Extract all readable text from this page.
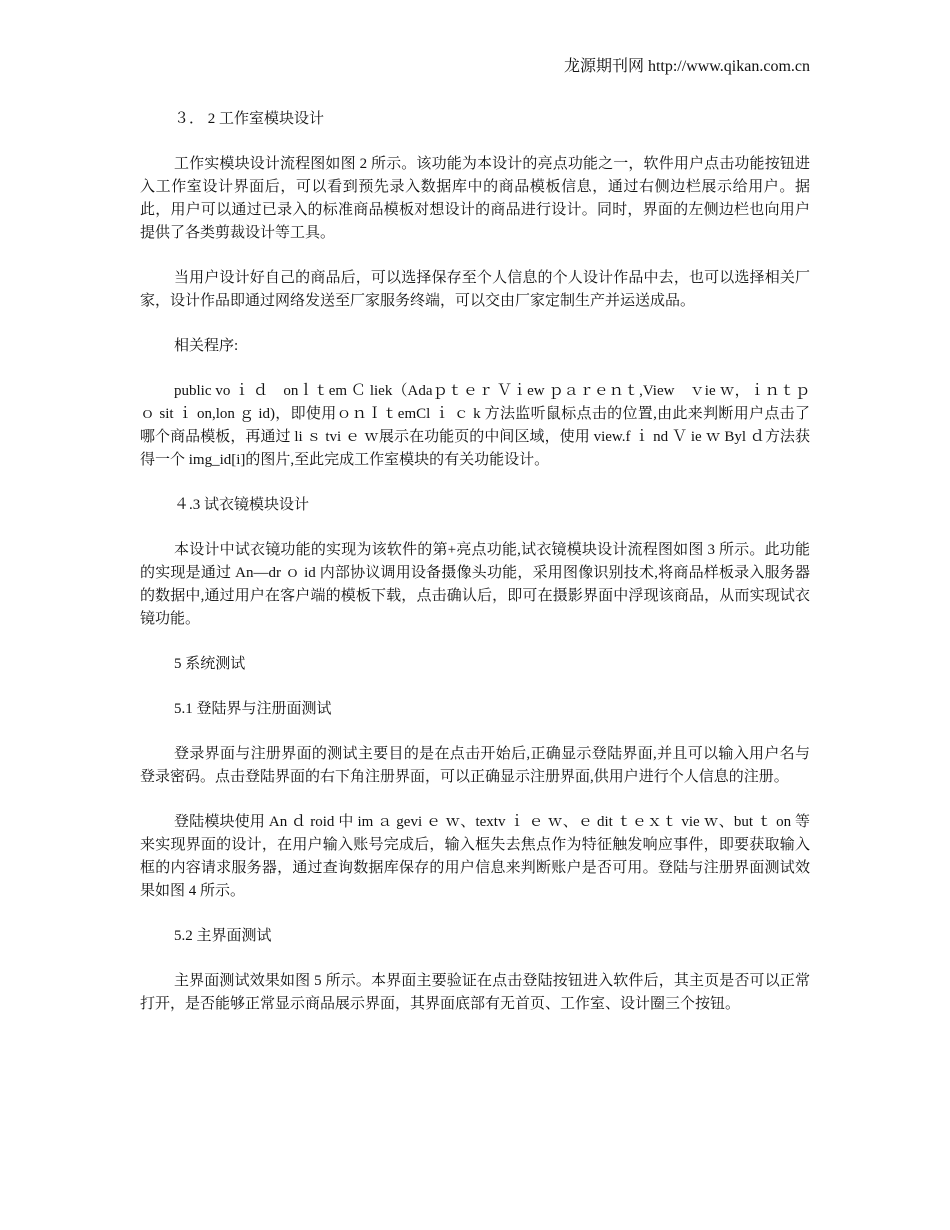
龙源期刊网 http://www.qikan.com.cn

３． 2 工作室模块设计

工作实模块设计流程图如图 2 所示。该功能为本设计的亮点功能之一，软件用户点击功能按钮进入工作室设计界面后，可以看到预先录入数据库中的商品模板信息，通过右侧边栏展示给用户。据此，用户可以通过已录入的标准商品模板对想设计的商品进行设计。同时，界面的左侧边栏也向用户提供了各类剪裁设计等工具。

当用户设计好自己的商品后，可以选择保存至个人信息的个人设计作品中去，也可以选择相关厂家，设计作品即通过网络发送至厂家服务终端，可以交由厂家定制生产并运送成品。

相关程序:

public vo ｉ ｄ　onｌｔem Ｃ liek（Adaｐｔｅｒ Ｖｉew ｐａｒｅｎｔ,View　ｖie ｗ，ｉｎｔｐｏ sit ｉ on,lon ｇ id)，即使用ｏｎＩｔemCl ｉ ｃ k 方法监听鼠标点击的位置,由此来判断用户点击了哪个商品模板，再通过 li ｓ tvi ｅ ｗ展示在功能页的中间区域，使用 view.f ｉ nd Ｖ ie ｗ Byl ｄ方法获得一个 img_id[i]的图片,至此完成工作室模块的有关功能设计。

４.3 试衣镜模块设计

本设计中试衣镜功能的实现为该软件的第+亮点功能,试衣镜模块设计流程图如图 3 所示。此功能的实现是通过 An—dr ｏ id 内部协议调用设备摄像头功能，采用图像识别技术,将商品样板录入服务器的数据中,通过用户在客户端的模板下载，点击确认后，即可在摄影界面中浮现该商品，从而实现试衣镜功能。

5 系统测试

5.1 登陆界与注册面测试

登录界面与注册界面的测试主要目的是在点击开始后,正确显示登陆界面,并且可以输入用户名与登录密码。点击登陆界面的右下角注册界面，可以正确显示注册界面,供用户进行个人信息的注册。

登陆模块使用 An ｄ roid 中 im ａ gevi ｅ ｗ、textv ｉ ｅ ｗ、ｅ dit ｔｅｘｔ vie ｗ、but ｔ on 等来实现界面的设计，在用户输入账号完成后，输入框失去焦点作为特征触发响应事件，即要获取输入框的内容请求服务器，通过查询数据库保存的用户信息来判断账户是否可用。登陆与注册界面测试效果如图 4 所示。

5.2 主界面测试

主界面测试效果如图 5 所示。本界面主要验证在点击登陆按钮进入软件后，其主页是否可以正常打开，是否能够正常显示商品展示界面，其界面底部有无首页、工作室、设计圈三个按钮。
